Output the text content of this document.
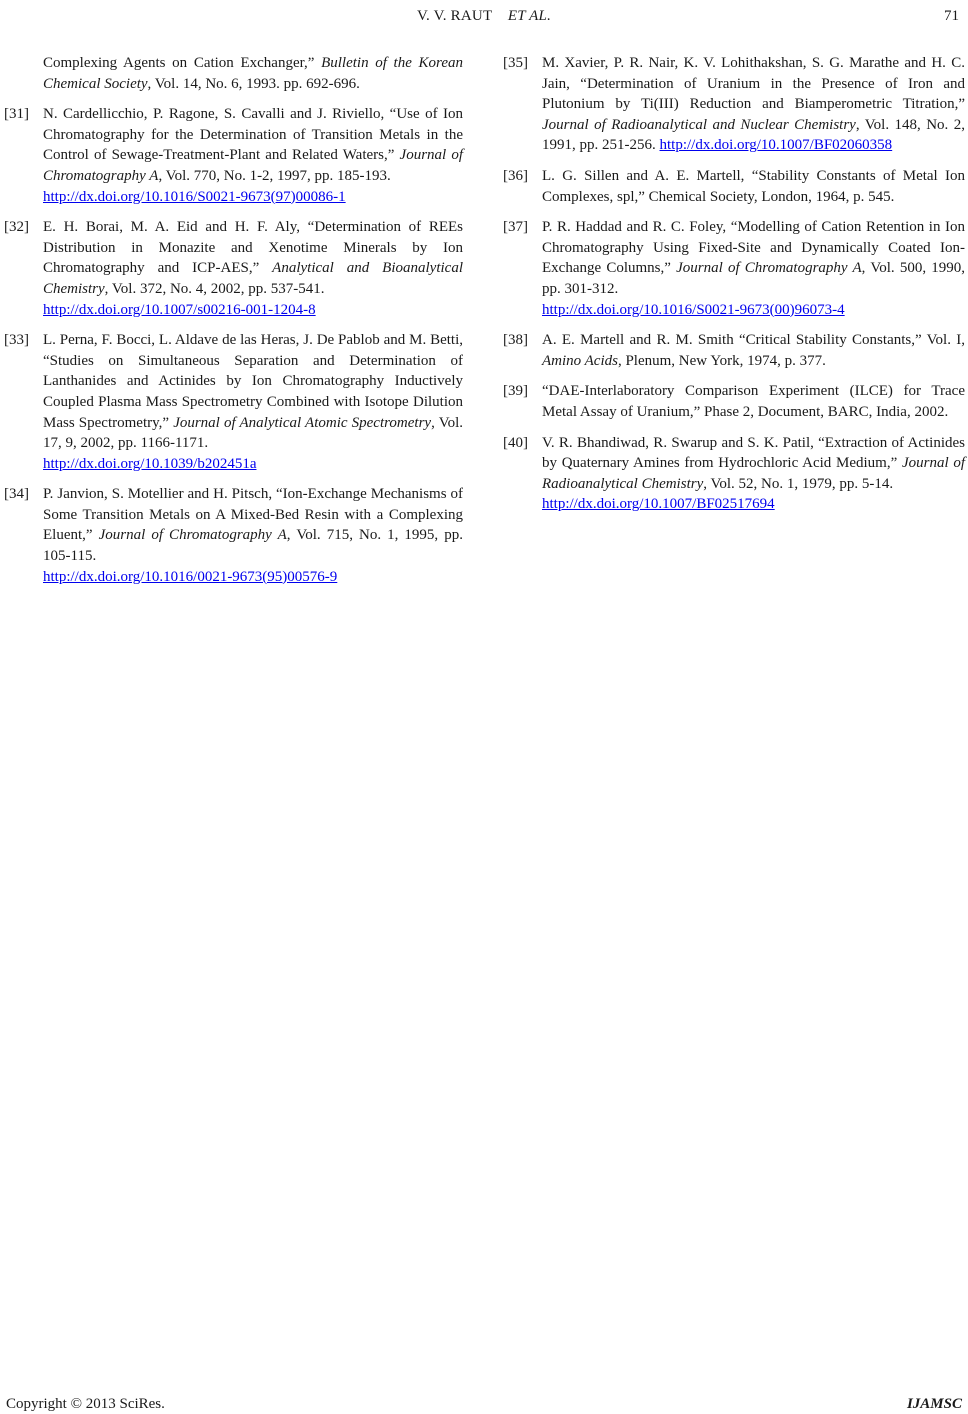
V. V. RAUT ET AL.	71

Complexing Agents on Cation Exchanger,” Bulletin of the Korean Chemical Society, Vol. 14, No. 6, 1993. pp. 692-696.

[31] N. Cardellicchio, P. Ragone, S. Cavalli and J. Riviello, “Use of Ion Chromatography for the Determination of Transition Metals in the Control of Sewage-Treatment-Plant and Related Waters,” Journal of Chromatography A, Vol. 770, No. 1-2, 1997, pp. 185-193.
http://dx.doi.org/10.1016/S0021-9673(97)00086-1

[32] E. H. Borai, M. A. Eid and H. F. Aly, “Determination of REEs Distribution in Monazite and Xenotime Minerals by Ion Chromatography and ICP-AES,” Analytical and Bioanalytical Chemistry, Vol. 372, No. 4, 2002, pp. 537-541.
http://dx.doi.org/10.1007/s00216-001-1204-8

[33] L. Perna, F. Bocci, L. Aldave de las Heras, J. De Pablob and M. Betti, “Studies on Simultaneous Separation and Determination of Lanthanides and Actinides by Ion Chromatography Inductively Coupled Plasma Mass Spectrometry Combined with Isotope Dilution Mass Spectrometry,” Journal of Analytical Atomic Spectrometry, Vol. 17, 9, 2002, pp. 1166-1171.
http://dx.doi.org/10.1039/b202451a

[34] P. Janvion, S. Motellier and H. Pitsch, “Ion-Exchange Mechanisms of Some Transition Metals on A Mixed-Bed Resin with a Complexing Eluent,” Journal of Chromatography A, Vol. 715, No. 1, 1995, pp. 105-115.
http://dx.doi.org/10.1016/0021-9673(95)00576-9

[35] M. Xavier, P. R. Nair, K. V. Lohithakshan, S. G. Marathe and H. C. Jain, “Determination of Uranium in the Presence of Iron and Plutonium by Ti(III) Reduction and Biamperometric Titration,” Journal of Radioanalytical and Nuclear Chemistry, Vol. 148, No. 2, 1991, pp. 251-256. http://dx.doi.org/10.1007/BF02060358

[36] L. G. Sillen and A. E. Martell, “Stability Constants of Metal Ion Complexes, spl,” Chemical Society, London, 1964, p. 545.

[37] P. R. Haddad and R. C. Foley, “Modelling of Cation Retention in Ion Chromatography Using Fixed-Site and Dynamically Coated Ion-Exchange Columns,” Journal of Chromatography A, Vol. 500, 1990, pp. 301-312.
http://dx.doi.org/10.1016/S0021-9673(00)96073-4

[38] A. E. Martell and R. M. Smith “Critical Stability Constants,” Vol. I, Amino Acids, Plenum, New York, 1974, p. 377.

[39] “DAE-Interlaboratory Comparison Experiment (ILCE) for Trace Metal Assay of Uranium,” Phase 2, Document, BARC, India, 2002.

[40] V. R. Bhandiwad, R. Swarup and S. K. Patil, “Extraction of Actinides by Quaternary Amines from Hydrochloric Acid Medium,” Journal of Radioanalytical Chemistry, Vol. 52, No. 1, 1979, pp. 5-14.
http://dx.doi.org/10.1007/BF02517694

Copyright © 2013 SciRes.	IJAMSC
